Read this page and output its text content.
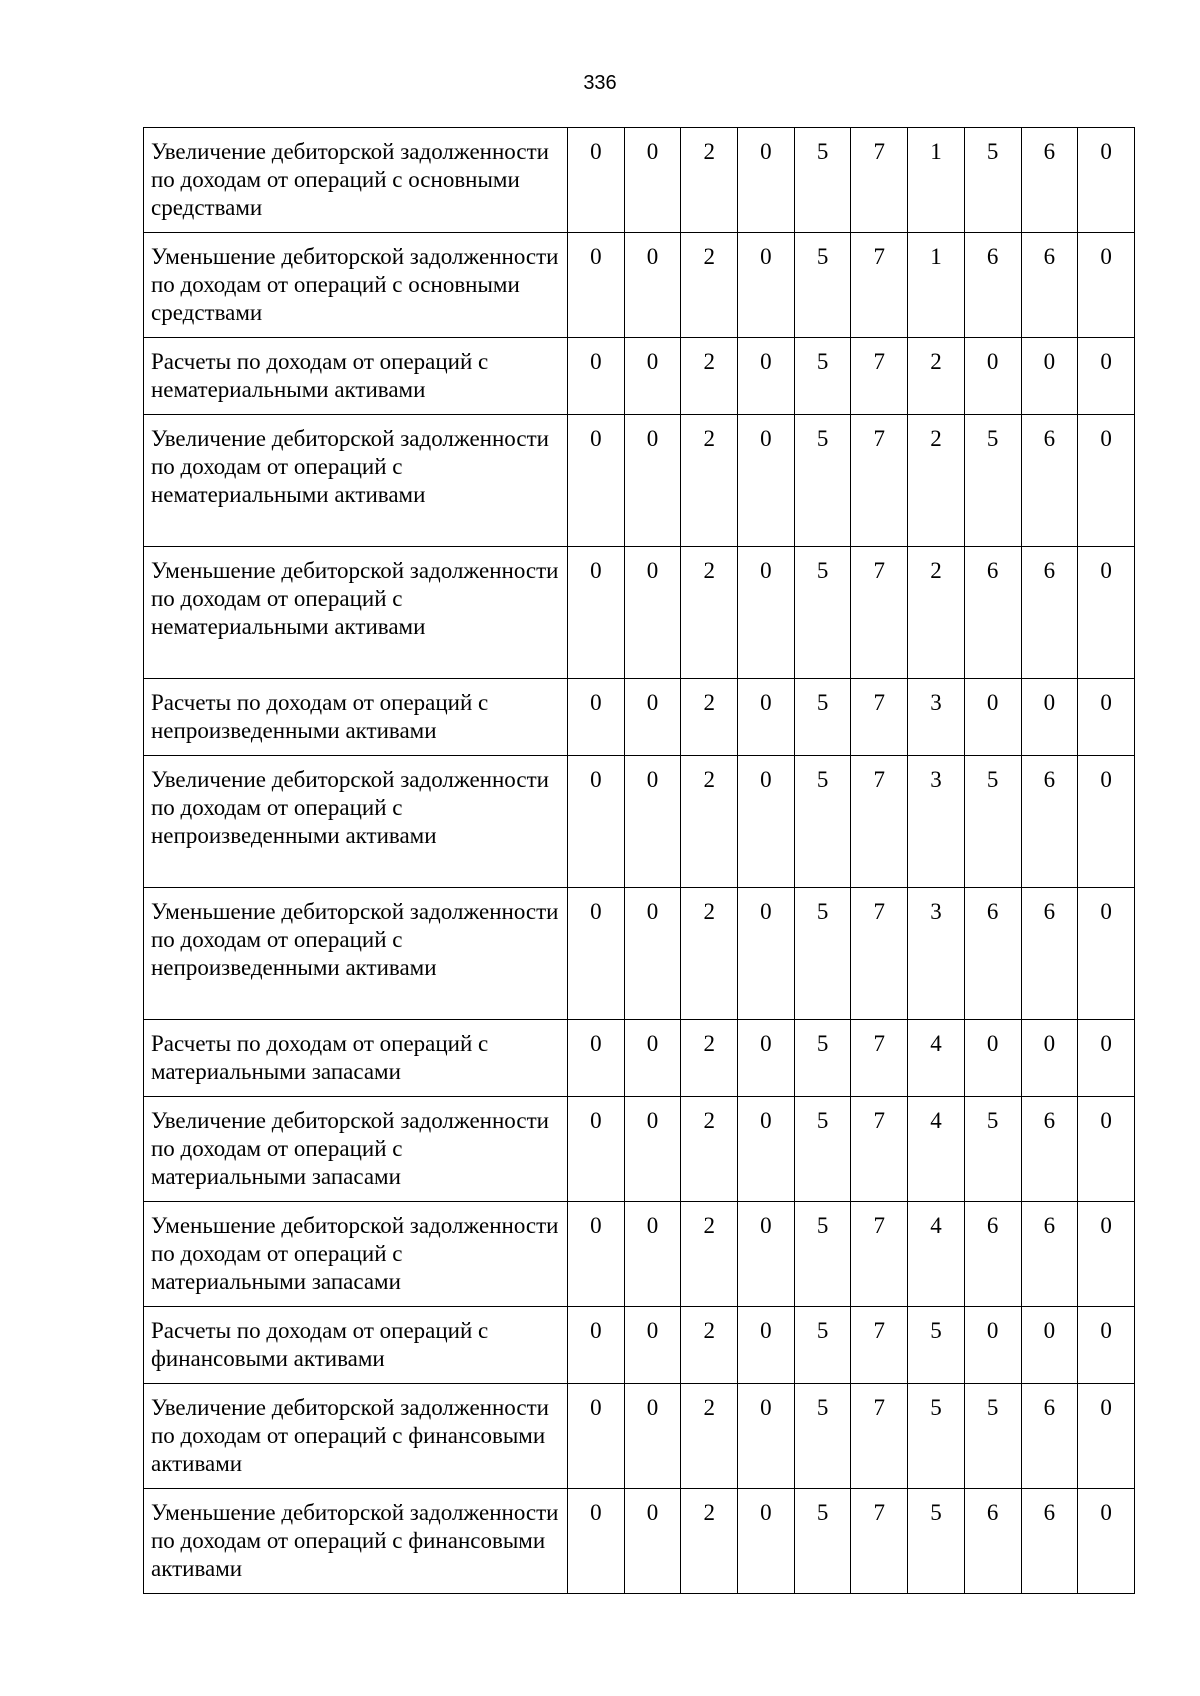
336
Увеличение дебиторской задолженности по доходам от операций с основными средствами	0	0	2	0	5	7	1	5	6	0
Уменьшение дебиторской задолженности по доходам от операций с основными средствами	0	0	2	0	5	7	1	6	6	0
Расчеты по доходам от операций с нематериальными активами	0	0	2	0	5	7	2	0	0	0
Увеличение дебиторской задолженности по доходам от операций с нематериальными активами	0	0	2	0	5	7	2	5	6	0
Уменьшение дебиторской задолженности по доходам от операций с нематериальными активами	0	0	2	0	5	7	2	6	6	0
Расчеты по доходам от операций с непроизведенными активами	0	0	2	0	5	7	3	0	0	0
Увеличение дебиторской задолженности по доходам от операций с непроизведенными активами	0	0	2	0	5	7	3	5	6	0
Уменьшение дебиторской задолженности по доходам от операций с непроизведенными активами	0	0	2	0	5	7	3	6	6	0
Расчеты по доходам от операций с материальными запасами	0	0	2	0	5	7	4	0	0	0
Увеличение дебиторской задолженности по доходам от операций с материальными запасами	0	0	2	0	5	7	4	5	6	0
Уменьшение дебиторской задолженности по доходам от операций с материальными запасами	0	0	2	0	5	7	4	6	6	0
Расчеты по доходам от операций с финансовыми активами	0	0	2	0	5	7	5	0	0	0
Увеличение дебиторской задолженности по доходам от операций с финансовыми активами	0	0	2	0	5	7	5	5	6	0
Уменьшение дебиторской задолженности по доходам от операций с финансовыми активами	0	0	2	0	5	7	5	6	6	0
